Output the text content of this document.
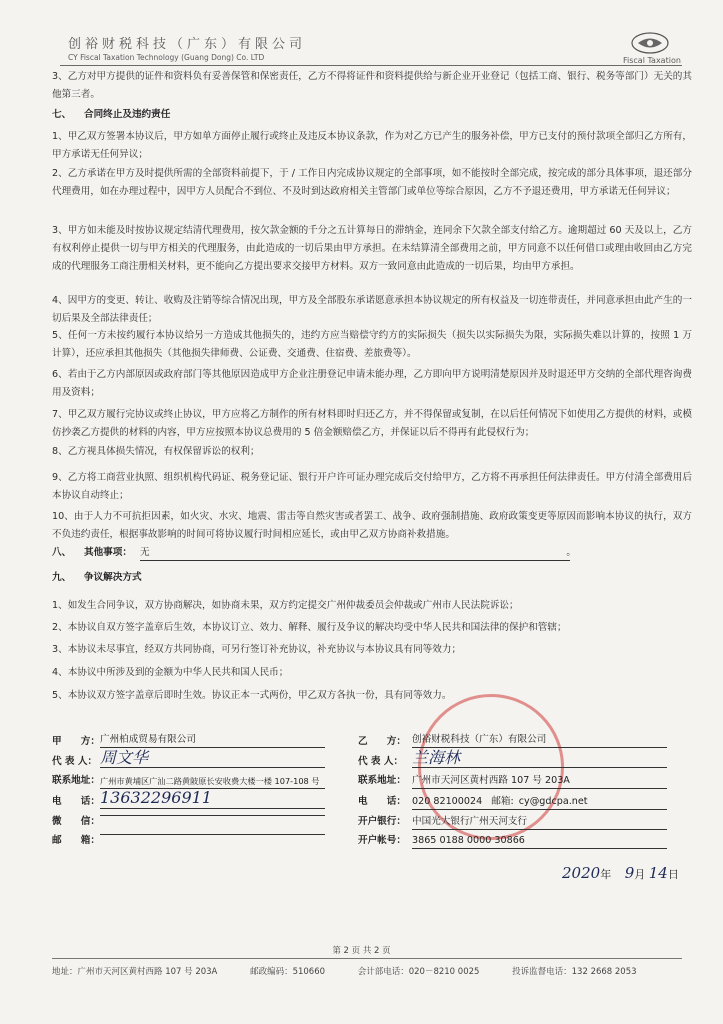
创裕财税科技（广东）有限公司
CY Fiscal Taxation Technology (Guang Dong) Co. LTD	Fiscal Taxation

3、乙方对甲方提供的证件和资料负有妥善保管和保密责任，乙方不得将证件和资料提供给与新企业开业登记（包括工商、银行、税务等部门）无关的其他第三者。

七、 合同终止及违约责任

1、甲乙双方签署本协议后，甲方如单方面停止履行或终止及违反本协议条款，作为对乙方已产生的服务补偿，甲方已支付的预付款项全部归乙方所有，甲方承诺无任何异议；

2、乙方承诺在甲方及时提供所需的全部资料前提下，于 / 工作日内完成协议规定的全部事项，如不能按时全部完成，按完成的部分具体事项，退还部分代理费用，如在办理过程中，因甲方人员配合不到位、不及时到达政府相关主管部门或单位等综合原因，乙方不予退还费用，甲方承诺无任何异议；

3、甲方如未能及时按协议规定结清代理费用，按欠款金额的千分之五计算每日的滞纳金，连同余下欠款全部支付给乙方。逾期超过 60 天及以上，乙方有权利停止提供一切与甲方相关的代理服务，由此造成的一切后果由甲方承担。在未结算清全部费用之前，甲方同意不以任何借口或理由收回由乙方完成的代理服务工商注册相关材料，更不能向乙方提出要求交接甲方材料。双方一致同意由此造成的一切后果，均由甲方承担。

4、因甲方的变更、转让、收购及注销等综合情况出现，甲方及全部股东承诺愿意承担本协议规定的所有权益及一切连带责任，并同意承担由此产生的一切后果及全部法律责任；

5、任何一方未按约履行本协议给另一方造成其他损失的，违约方应当赔偿守约方的实际损失（损失以实际损失为限，实际损失难以计算的，按照 1 万计算），还应承担其他损失（其他损失律师费、公证费、交通费、住宿费、差旅费等）。

6、若由于乙方内部原因或政府部门等其他原因造成甲方企业注册登记申请未能办理，乙方即向甲方说明清楚原因并及时退还甲方交纳的全部代理咨询费用及资料；

7、甲乙双方履行完协议或终止协议，甲方应将乙方制作的所有材料即时归还乙方，并不得保留或复制，在以后任何情况下如使用乙方提供的材料，或模仿抄袭乙方提供的材料的内容，甲方应按照本协议总费用的 5 倍金额赔偿乙方，并保证以后不得再有此侵权行为；

8、乙方视具体损失情况，有权保留诉讼的权利；

9、乙方将工商营业执照、组织机构代码证、税务登记证、银行开户许可证办理完成后交付给甲方，乙方将不再承担任何法律责任。甲方付清全部费用后本协议自动终止；

10、由于人力不可抗拒因素，如火灾、水灾、地震、雷击等自然灾害或者罢工、战争、政府强制措施、政府政策变更等原因而影响本协议的执行，双方不负违约责任，根据事故影响的时间可将协议履行时间相应延长，或由甲乙双方协商补救措施。

八、 其他事项： 无	。
九、 争议解决方式

1、如发生合同争议，双方协商解决，如协商未果，双方约定提交广州仲裁委员会仲裁或广州市人民法院诉讼；

2、本协议自双方签字盖章后生效，本协议订立、效力、解释、履行及争议的解决均受中华人民共和国法律的保护和管辖；

3、本协议未尽事宜，经双方共同协商，可另行签订补充协议，补充协议与本协议具有同等效力；

4、本协议中所涉及到的金额为中华人民共和国人民币；

5、本协议双方签字盖章后即时生效。协议正本一式两份，甲乙双方各执一份，具有同等效力。

甲　　方： 广州柏成贸易有限公司
代 表 人： 周文华
联系地址： 广州市黄埔区广汕二路黄陂原长安收费大楼一楼 107-108 号
电　　话： 13632296911
微　　信：
邮　　箱：
乙　　方： 创裕财税科技（广东）有限公司
代 表 人： 兰海林
联系地址： 广州市天河区黄村西路 107 号 203A
电　　话： 020 82100024 邮箱: cy@gdcpa.net
开户银行： 中国光大银行广州天河支行
开户帐号： 3865 0188 0000 30866
2020年 9月 14日
第 2 页 共 2 页
地址：广州市天河区黄村西路 107 号 203A	邮政编码：510660	会计部电话：020－8210 0025	投诉监督电话：132 2668 2053
